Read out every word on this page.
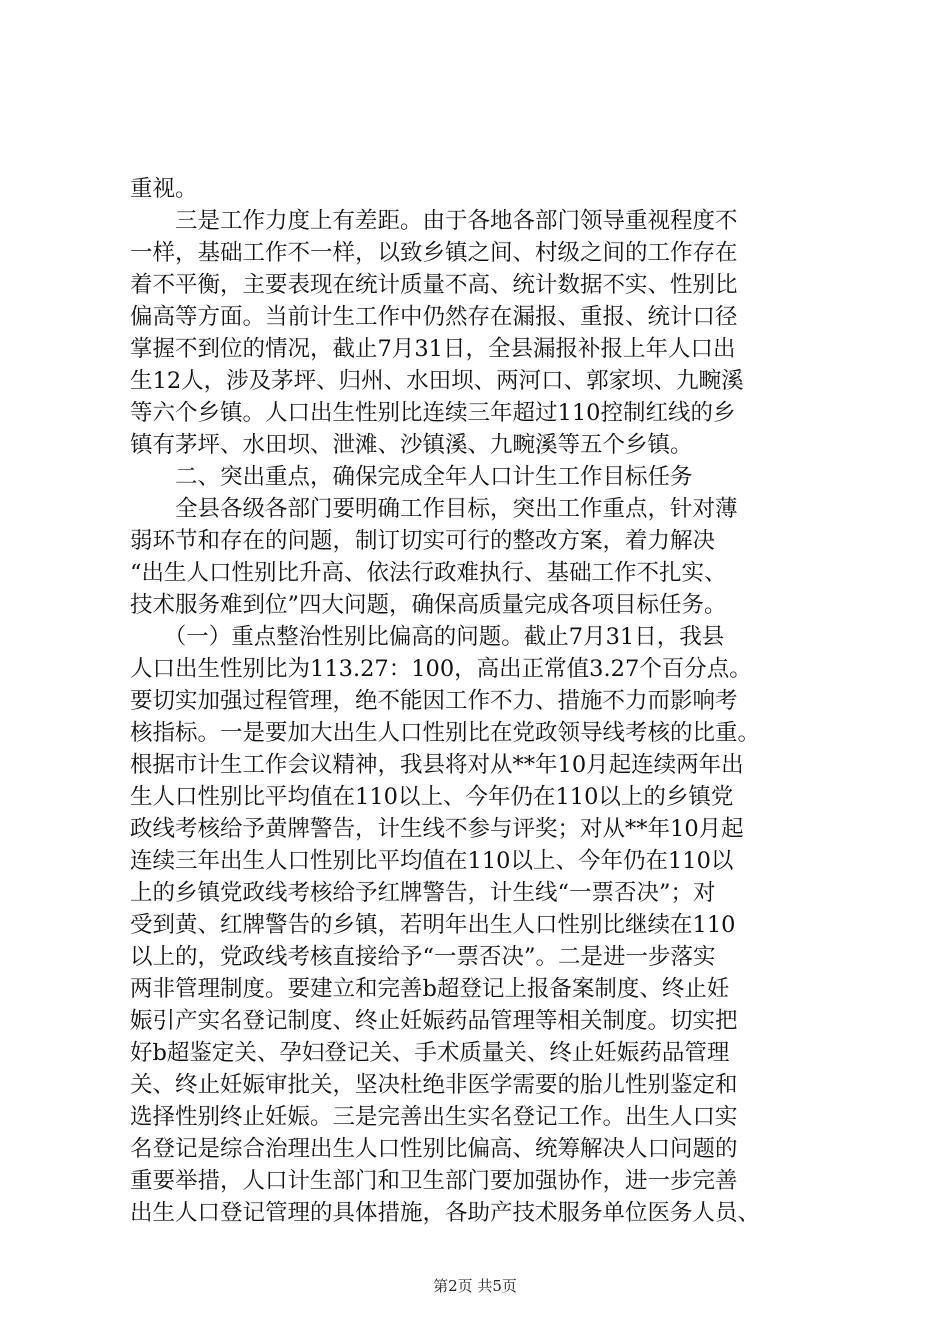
重视。
　　三是工作力度上有差距。由于各地各部门领导重视程度不
一样，基础工作不一样，以致乡镇之间、村级之间的工作存在
着不平衡，主要表现在统计质量不高、统计数据不实、性别比
偏高等方面。当前计生工作中仍然存在漏报、重报、统计口径
掌握不到位的情况，截止7月31日，全县漏报补报上年人口出
生12人，涉及茅坪、归州、水田坝、两河口、郭家坝、九畹溪
等六个乡镇。人口出生性别比连续三年超过110控制红线的乡
镇有茅坪、水田坝、泄滩、沙镇溪、九畹溪等五个乡镇。
　　二、突出重点，确保完成全年人口计生工作目标任务
　　全县各级各部门要明确工作目标，突出工作重点，针对薄
弱环节和存在的问题，制订切实可行的整改方案，着力解决
“出生人口性别比升高、依法行政难执行、基础工作不扎实、
技术服务难到位”四大问题，确保高质量完成各项目标任务。
　　（一）重点整治性别比偏高的问题。截止7月31日，我县
人口出生性别比为113.27：100，高出正常值3.27个百分点。
要切实加强过程管理，绝不能因工作不力、措施不力而影响考
核指标。一是要加大出生人口性别比在党政领导线考核的比重。
根据市计生工作会议精神，我县将对从**年10月起连续两年出
生人口性别比平均值在110以上、今年仍在110以上的乡镇党
政线考核给予黄牌警告，计生线不参与评奖；对从**年10月起
连续三年出生人口性别比平均值在110以上、今年仍在110以
上的乡镇党政线考核给予红牌警告，计生线“一票否决”；对
受到黄、红牌警告的乡镇，若明年出生人口性别比继续在110
以上的，党政线考核直接给予“一票否决”。二是进一步落实
两非管理制度。要建立和完善b超登记上报备案制度、终止妊
娠引产实名登记制度、终止妊娠药品管理等相关制度。切实把
好b超鉴定关、孕妇登记关、手术质量关、终止妊娠药品管理
关、终止妊娠审批关，坚决杜绝非医学需要的胎儿性别鉴定和
选择性别终止妊娠。三是完善出生实名登记工作。出生人口实
名登记是综合治理出生人口性别比偏高、统筹解决人口问题的
重要举措，人口计生部门和卫生部门要加强协作，进一步完善
出生人口登记管理的具体措施，各助产技术服务单位医务人员、
第2页 共5页
